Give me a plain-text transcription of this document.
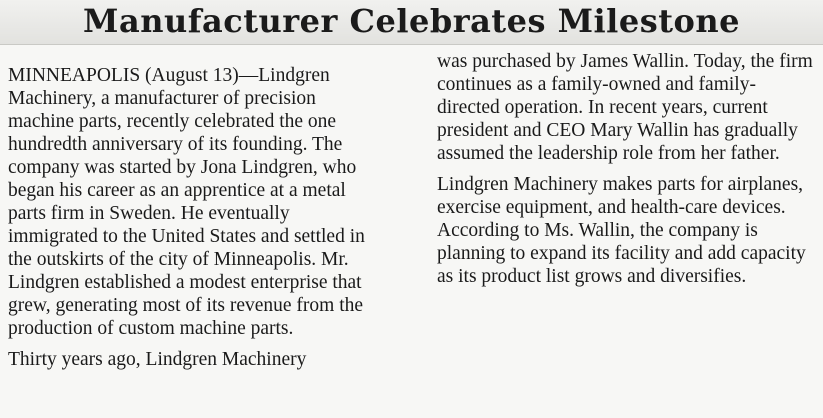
Manufacturer Celebrates Milestone

MINNEAPOLIS (August 13)—Lindgren Machinery, a manufacturer of precision machine parts, recently celebrated the one hundredth anniversary of its founding. The company was started by Jona Lindgren, who began his career as an apprentice at a metal parts firm in Sweden. He eventually immigrated to the United States and settled in the outskirts of the city of Minneapolis. Mr. Lindgren established a modest enterprise that grew, generating most of its revenue from the production of custom machine parts.

Thirty years ago, Lindgren Machinery

was purchased by James Wallin. Today, the firm continues as a family-owned and family-directed operation. In recent years, current president and CEO Mary Wallin has gradually assumed the leadership role from her father.

Lindgren Machinery makes parts for airplanes, exercise equipment, and health-care devices. According to Ms. Wallin, the company is planning to expand its facility and add capacity as its product list grows and diversifies.
